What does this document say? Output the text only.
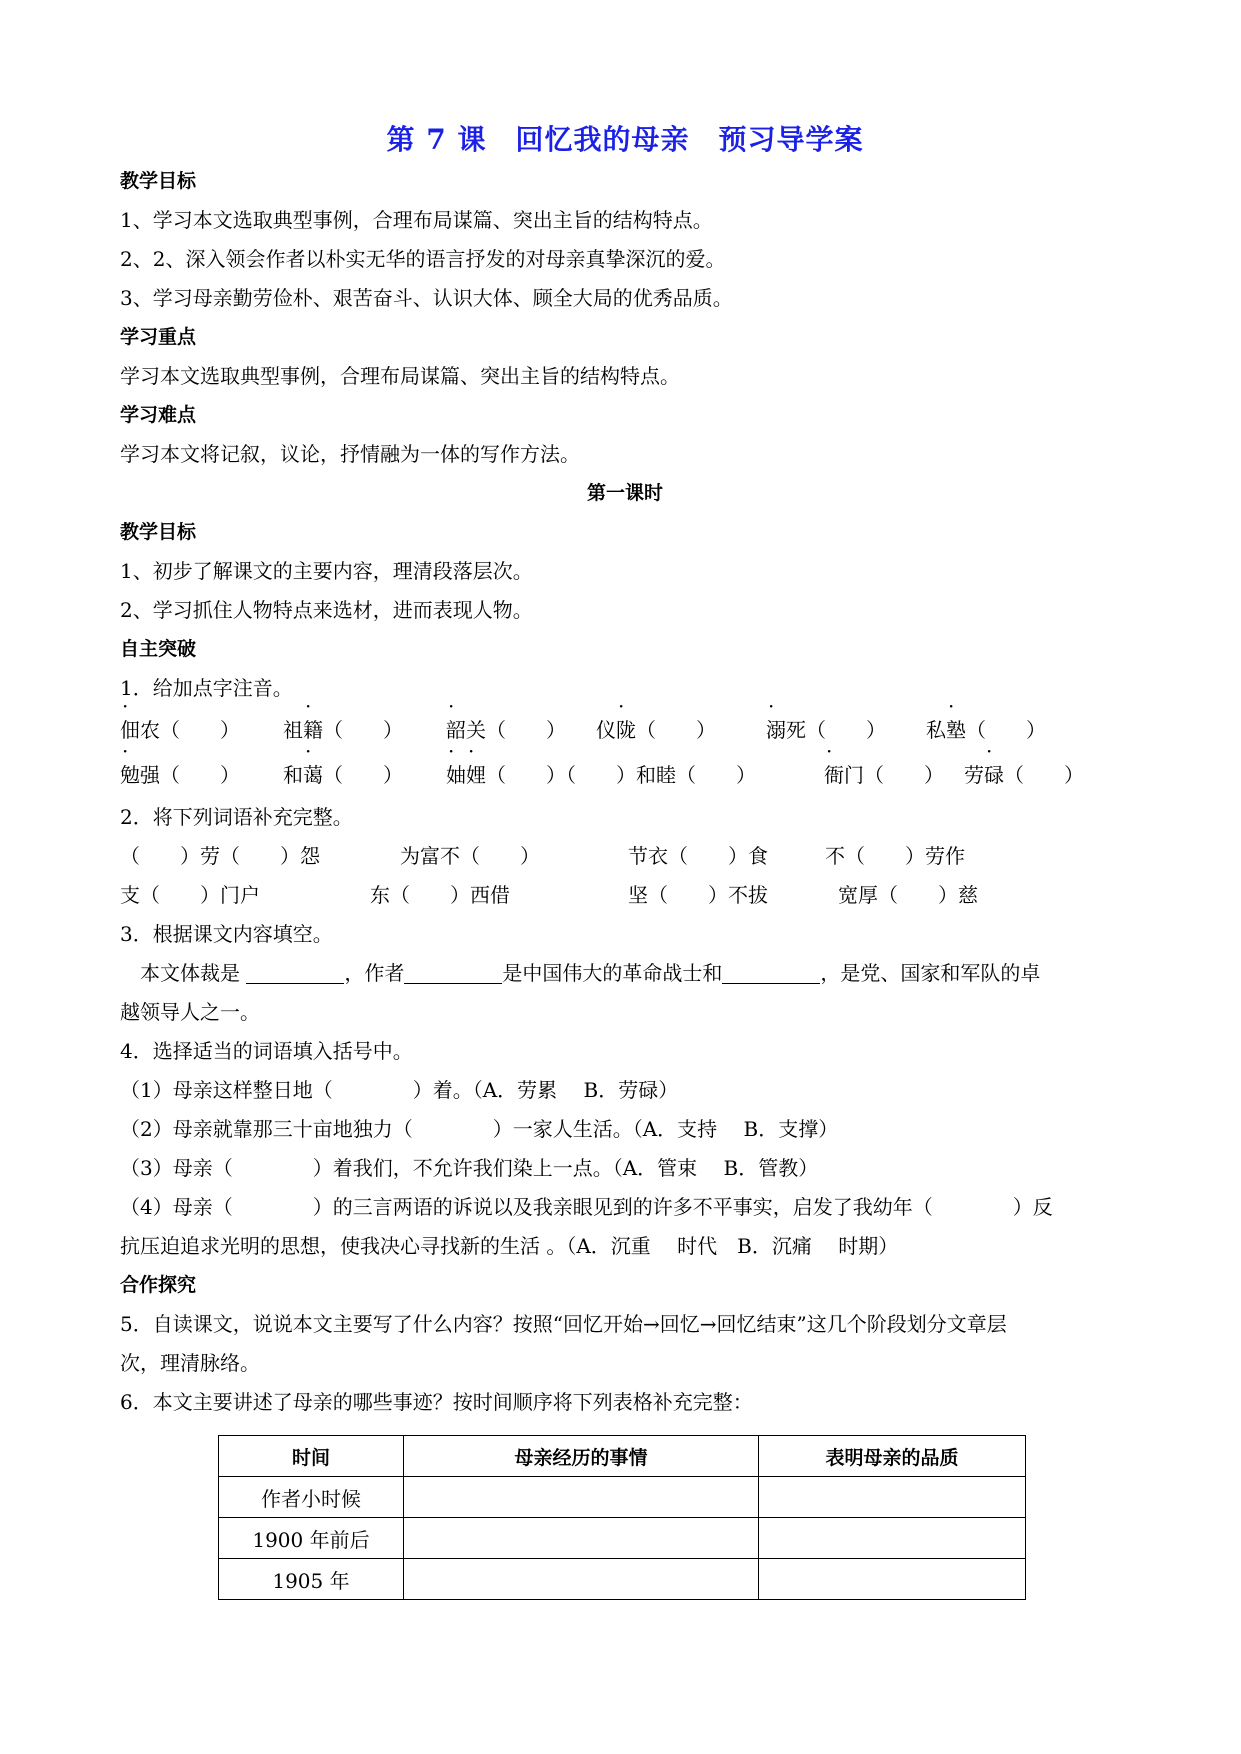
第 7 课　回忆我的母亲　预习导学案
教学目标
1、学习本文选取典型事例，合理布局谋篇、突出主旨的结构特点。
2、2、深入领会作者以朴实无华的语言抒发的对母亲真挚深沉的爱。
3、学习母亲勤劳俭朴、艰苦奋斗、认识大体、顾全大局的优秀品质。
学习重点
学习本文选取典型事例，合理布局谋篇、突出主旨的结构特点。
学习难点
学习本文将记叙，议论，抒情融为一体的写作方法。
第一课时
教学目标
1、初步了解课文的主要内容，理清段落层次。
2、学习抓住人物特点来选材，进而表现人物。
自主突破
1．给加点字注音。
·
佃农（　　）
·
祖籍（　　）
·
韶关（　　）
·
仪陇（　　）
·
溺死（　　）
·
私塾（　　）
·
勉强（　　）
·
和蔼（　　）
· ·
妯娌（　　）（　　）和睦（　　）
·
衙门（　　）
·
劳碌（　　）
2．将下列词语补充完整。
（　　）劳（　　）怨	为富不（　　）	节衣（　　）食	不（　　）劳作
支（　　）门户	东（　　）西借	坚（　　）不拔	宽厚（　　）慈
3．根据课文内容填空。
本文体裁是	，作者	是中国伟大的革命战士和	，是党、国家和军队的卓
越领导人之一。
4．选择适当的词语填入括号中。
（1）母亲这样整日地（　　　　）着。（A．劳累　 B．劳碌）
（2）母亲就靠那三十亩地独力（　　　　）一家人生活。（A．支持　 B．支撑）
（3）母亲（　　　　）着我们，不允许我们染上一点。（A．管束　 B．管教）
（4）母亲（　　　　）的三言两语的诉说以及我亲眼见到的许多不平事实，启发了我幼年（　　　　）反
抗压迫追求光明的思想，使我决心寻找新的生活 。（A．沉重　 时代　B．沉痛　 时期）
合作探究
5．自读课文，说说本文主要写了什么内容？按照“回忆开始→回忆→回忆结束”这几个阶段划分文章层
次，理清脉络。
6．本文主要讲述了母亲的哪些事迹？按时间顺序将下列表格补充完整：
时间	母亲经历的事情	表明母亲的品质
作者小时候		
1900 年前后		
1905 年		
